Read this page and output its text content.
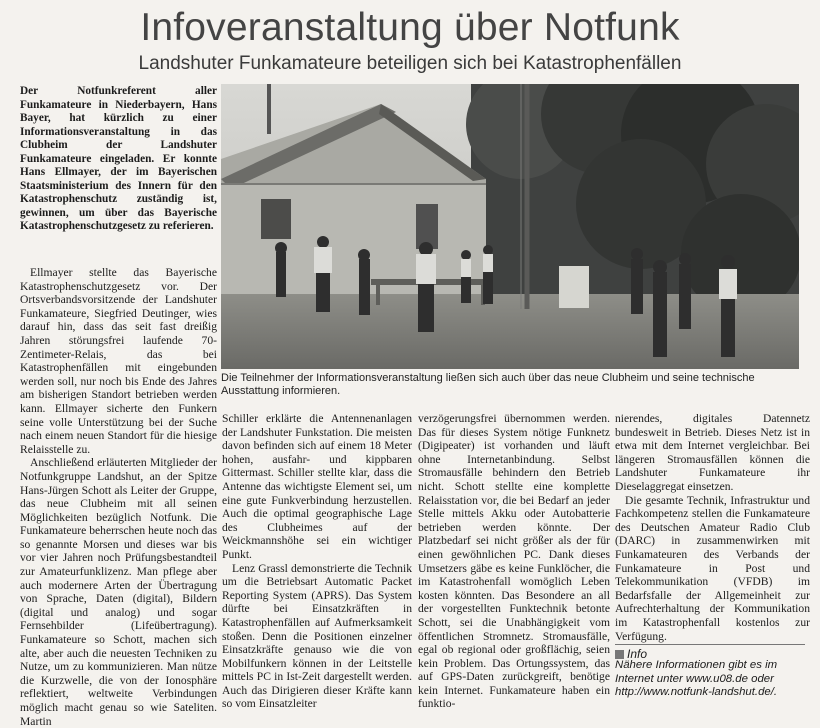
Infoveranstaltung über Notfunk
Landshuter Funkamateure beteiligen sich bei Katastrophenfällen

Der Notfunkreferent aller Funkamateure in Niederbayern, Hans Bayer, hat kürzlich zu einer Informationsveranstaltung in das Clubheim der Landshuter Funkamateure eingeladen. Er konnte Hans Ellmayer, der im Bayerischen Staatsministerium des Innern für den Katastrophenschutz zuständig ist, gewinnen, um über das Bayerische Katastrophenschutzgesetz zu referieren.

Ellmayer stellte das Bayerische Katastrophenschutzgesetz vor. Der Ortsverbandsvorsitzende der Landshuter Funkamateure, Siegfried Deutinger, wies darauf hin, dass das seit fast dreißig Jahren störungsfrei laufende 70-Zentimeter-Relais, das bei Katastrophenfällen mit eingebunden werden soll, nur noch bis Ende des Jahres am bisherigen Standort betrieben werden kann. Ellmayer sicherte den Funkern seine volle Unterstützung bei der Suche nach einem neuen Standort für die hiesige Relaisstelle zu.

Anschließend erläuterten Mitglieder der Notfunkgruppe Landshut, an der Spitze Hans-Jürgen Schott als Leiter der Gruppe, das neue Clubheim mit all seinen Möglichkeiten bezüglich Notfunk. Die Funkamateure beherrschen heute noch das so genannte Morsen und dieses war bis vor vier Jahren noch Prüfungsbestandteil zur Amateurfunklizenz. Man pflege aber auch modernere Arten der Übertragung von Sprache, Daten (digital), Bildern (digital und analog) und sogar Fernsehbilder (Lifeübertragung). Funkamateure so Schott, machen sich alte, aber auch die neuesten Techniken zu Nutze, um zu kommunizieren. Man nütze die Kurzwelle, die von der Ionosphäre reflektiert, weltweite Verbindungen möglich macht genau so wie Sateliten. Martin

Die Teilnehmer der Informationsveranstaltung ließen sich auch über das neue Clubheim und seine technische Ausstattung informieren.

Schiller erklärte die Antennenanlagen der Landshuter Funkstation. Die meisten davon befinden sich auf einem 18 Meter hohen, ausfahr- und kippbaren Gittermast. Schiller stellte klar, dass die Antenne das wichtigste Element sei, um eine gute Funkverbindung herzustellen. Auch die optimal geographische Lage des Clubheimes auf der Weickmannshöhe sei ein wichtiger Punkt.

Lenz Grassl demonstrierte die Technik um die Betriebsart Automatic Packet Reporting System (APRS). Das System dürfte bei Einsatzkräften in Katastrophenfällen auf Aufmerksamkeit stoßen. Denn die Positionen einzelner Einsatzkräfte genauso wie die von Mobilfunkern können in der Leitstelle mittels PC in Ist-Zeit dargestellt werden. Auch das Dirigieren dieser Kräfte kann so vom Einsatzleiter

verzögerungsfrei übernommen werden. Das für dieses System nötige Funknetz (Digipeater) ist vorhanden und läuft ohne Internetanbindung. Selbst Stromausfälle behindern den Betrieb nicht. Schott stellte eine komplette Relaisstation vor, die bei Bedarf an jeder Stelle mittels Akku oder Autobatterie betrieben werden könnte. Der Platzbedarf sei nicht größer als der für einen gewöhnlichen PC. Dank dieses Umsetzers gäbe es keine Funklöcher, die im Katastrohenfall womöglich Leben kosten könnten. Das Besondere an all der vorgestellten Funktechnik betonte Schott, sei die Unabhängigkeit vom öffentlichen Stromnetz. Stromausfälle, egal ob regional oder großflächig, seien kein Problem. Das Ortungssystem, das auf GPS-Daten zurückgreift, benötige kein Internet. Funkamateure haben ein funktio-

nierendes, digitales Datennetz bundesweit in Betrieb. Dieses Netz ist in etwa mit dem Internet vergleichbar. Bei längeren Stromausfällen können die Landshuter Funkamateure ihr Dieselaggregat einsetzen.

Die gesamte Technik, Infrastruktur und Fachkompetenz stellen die Funkamateure des Deutschen Amateur Radio Club (DARC) in zusammenwirken mit Funkamateuren des Verbands der Funkamateure in Post und Telekommunikation (VFDB) im Bedarfsfalle der Allgemeinheit zur Aufrechterhaltung der Kommunikation im Katastrophenfall kostenlos zur Verfügung.

Info
Nähere Informationen gibt es im Internet unter www.u08.de oder http://www.notfunk-landshut.de/.
